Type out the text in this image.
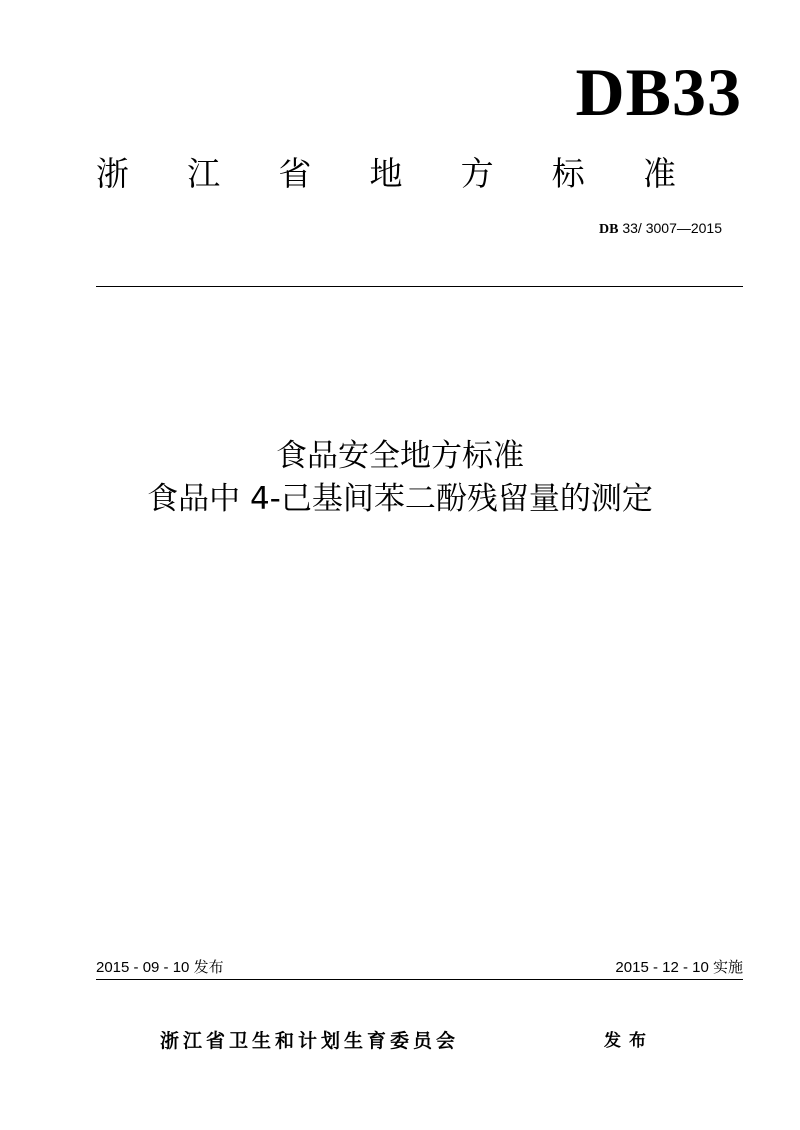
DB33
浙 江 省 地 方 标 准
DB 33/ 3007—2015
食品安全地方标准
食品中 4-己基间苯二酚残留量的测定
2015 - 09 - 10 发布	2015 - 12 - 10 实施
浙江省卫生和计划生育委员会	发布
